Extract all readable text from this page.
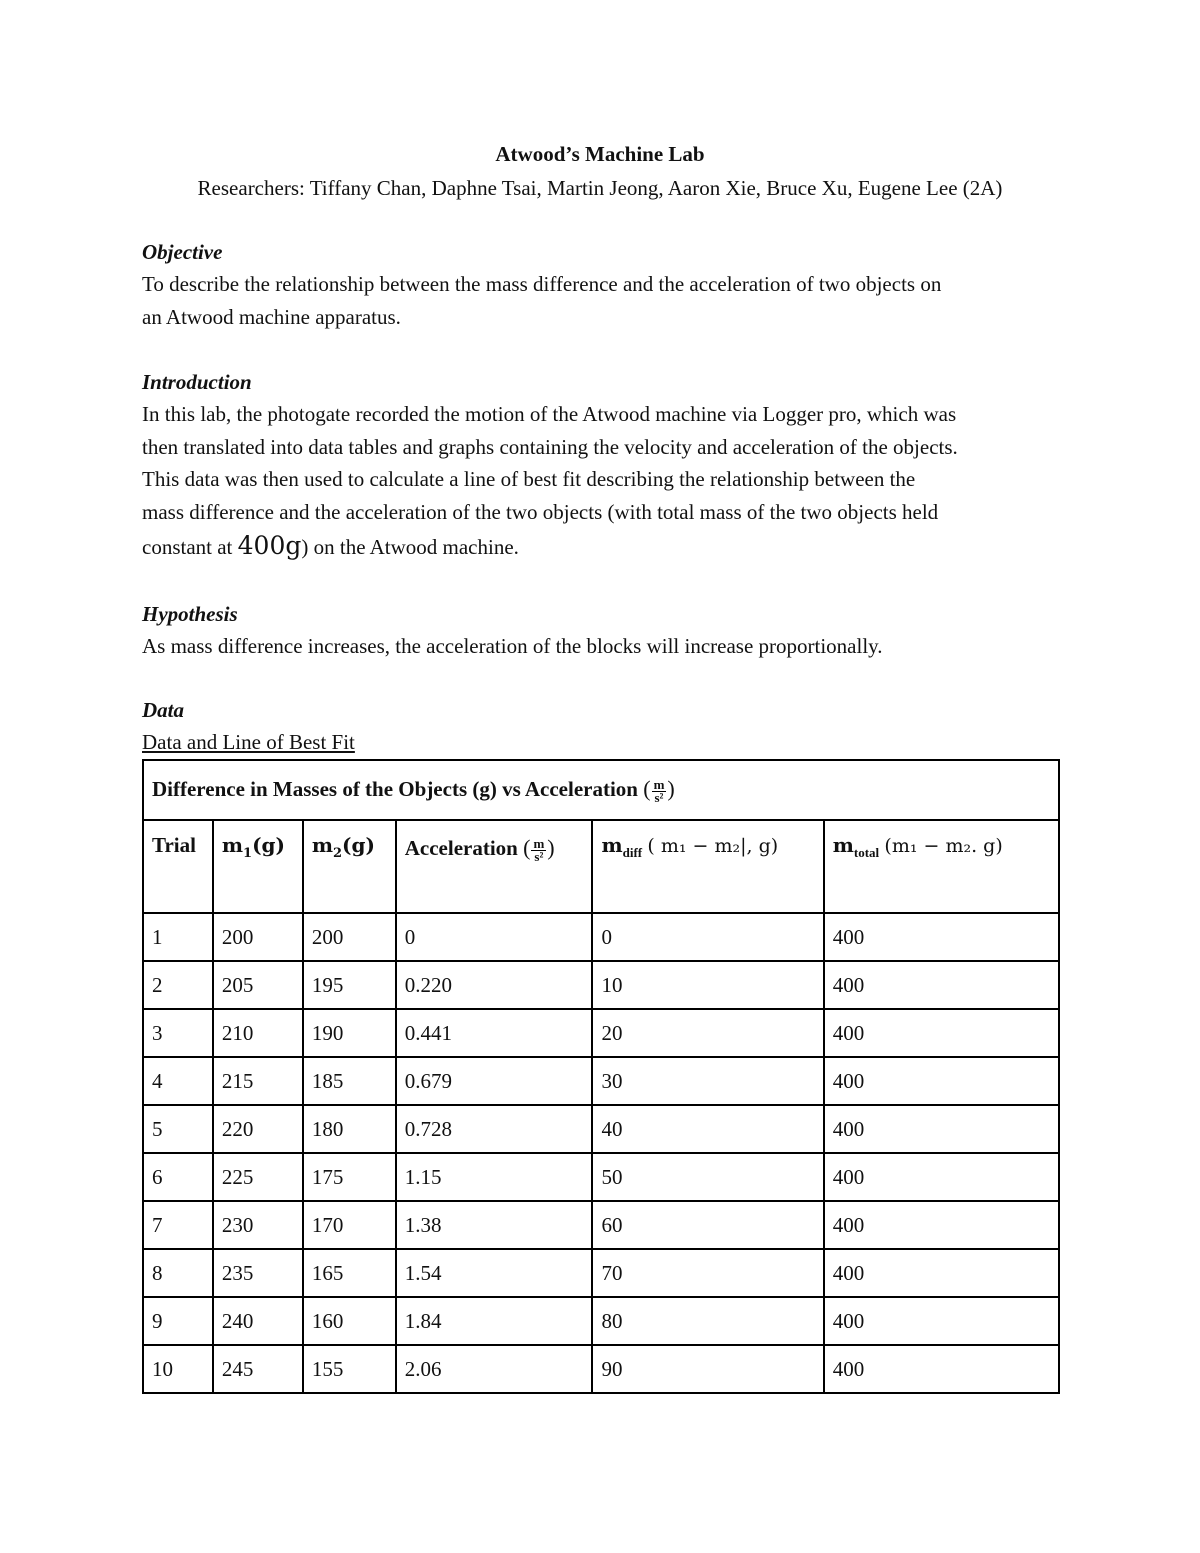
Atwood’s Machine Lab
Researchers: Tiffany Chan, Daphne Tsai, Martin Jeong, Aaron Xie, Bruce Xu, Eugene Lee (2A)
Objective
To describe the relationship between the mass difference and the acceleration of two objects on
an Atwood machine apparatus.
Introduction
In this lab, the photogate recorded the motion of the Atwood machine via Logger pro, which was
then translated into data tables and graphs containing the velocity and acceleration of the objects.
This data was then used to calculate a line of best fit describing the relationship between the
mass difference and the acceleration of the two objects (with total mass of the two objects held
constant at 400g) on the Atwood machine.
Hypothesis
As mass difference increases, the acceleration of the blocks will increase proportionally.
Data
Data and Line of Best Fit
Difference in Masses of the Objects (g) vs Acceleration ( $\frac{m}{\text{s²}}$ )					
Trial	$m_1(g)$	$m_2(g)$	Acceleration ( $\frac{m}{\text{s²}}$ )	$m_{diff}$ ( m₁ − m₂|, g)	$m_{total}$ (m₁ − m₂. g)
1	200	200	0	0	400
2	205	195	0.220	10	400
3	210	190	0.441	20	400
4	215	185	0.679	30	400
5	220	180	0.728	40	400
6	225	175	1.15	50	400
7	230	170	1.38	60	400
8	235	165	1.54	70	400
9	240	160	1.84	80	400
10	245	155	2.06	90	400
